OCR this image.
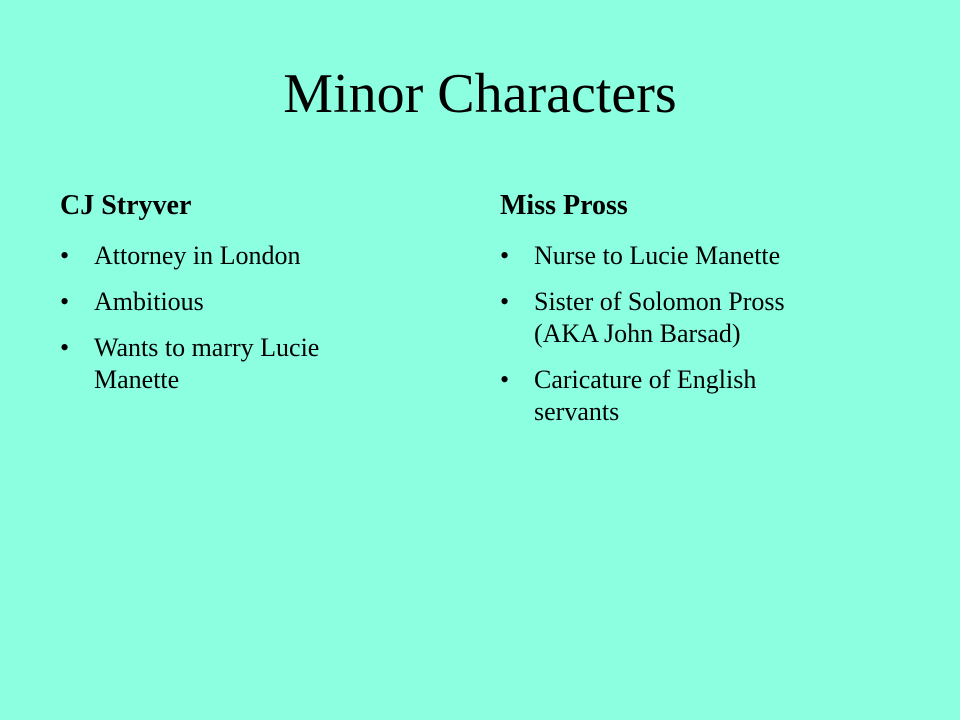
Minor Characters
CJ Stryver
• Attorney in London
• Ambitious
• Wants to marry Lucie Manette
Miss Pross
• Nurse to Lucie Manette
• Sister of Solomon Pross (AKA John Barsad)
• Caricature of English servants
